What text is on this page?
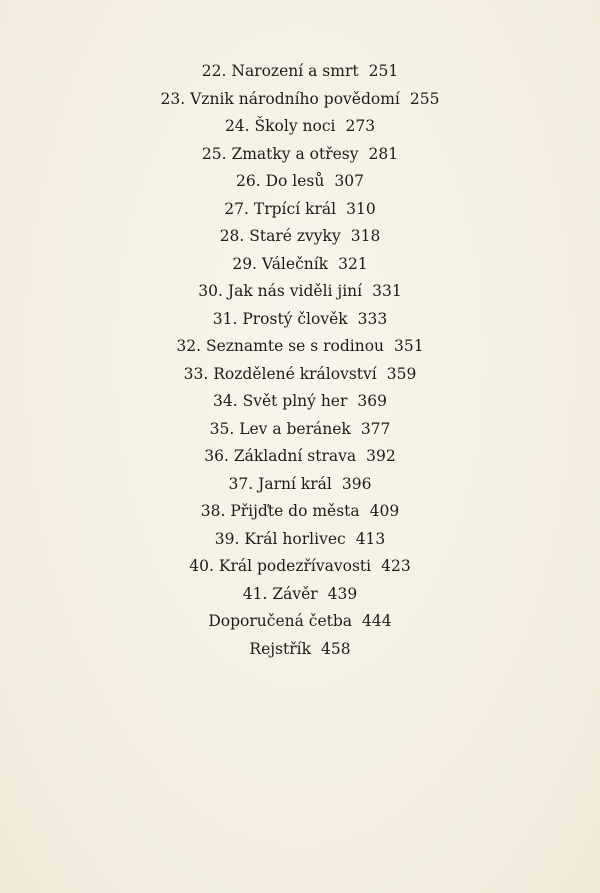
22. Narození a smrt 251
23. Vznik národního povědomí 255
24. Školy noci 273
25. Zmatky a otřesy 281
26. Do lesů 307
27. Trpící král 310
28. Staré zvyky 318
29. Válečník 321
30. Jak nás viděli jiní 331
31. Prostý člověk 333
32. Seznamte se s rodinou 351
33. Rozdělené království 359
34. Svět plný her 369
35. Lev a beránek 377
36. Základní strava 392
37. Jarní král 396
38. Přijďte do města 409
39. Král horlivec 413
40. Král podezřívavosti 423
41. Závěr 439
Doporučená četba 444
Rejstřík 458
